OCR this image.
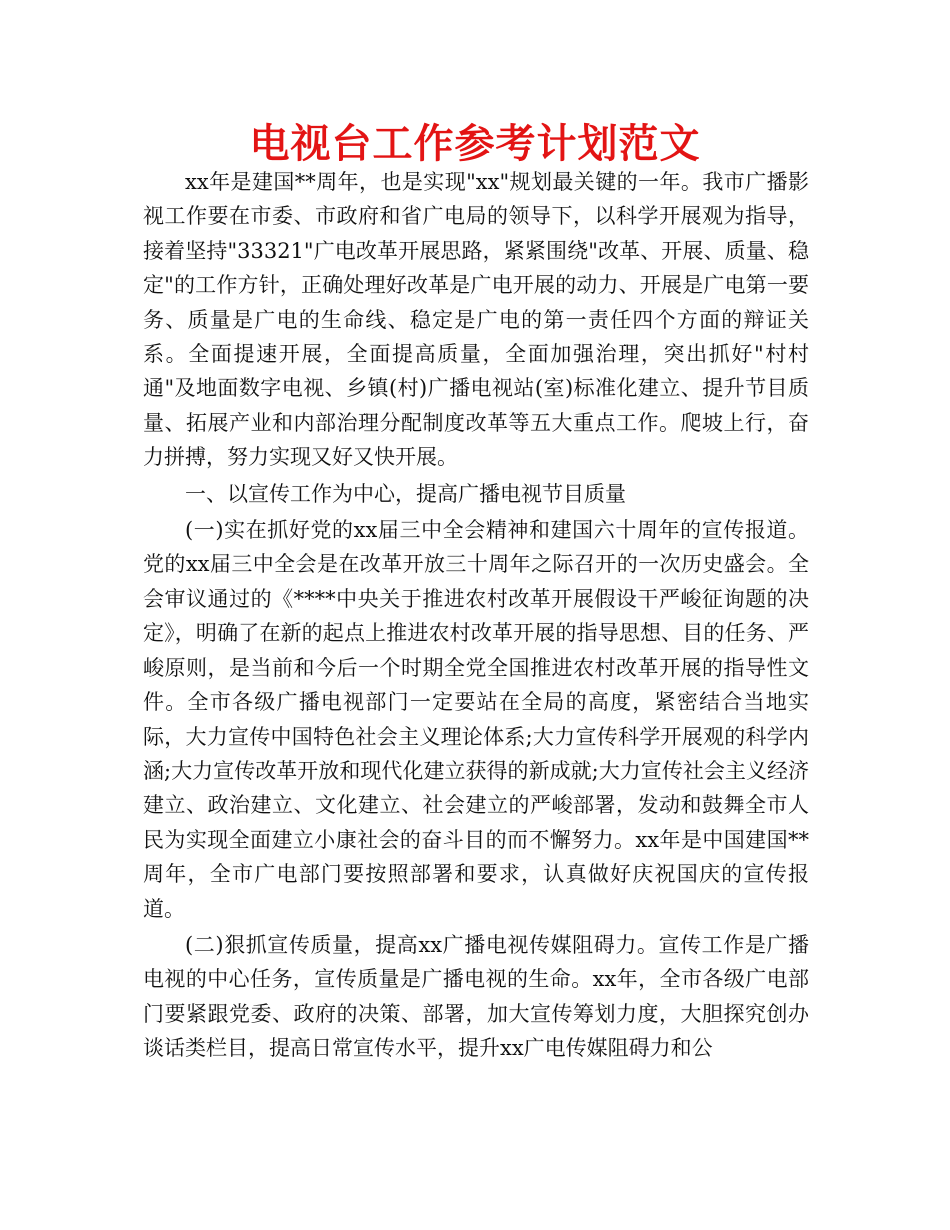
电视台工作参考计划范文

xx年是建国**周年，也是实现"xx"规划最关键的一年。我市广播影视工作要在市委、市政府和省广电局的领导下，以科学开展观为指导，接着坚持"33321"广电改革开展思路，紧紧围绕"改革、开展、质量、稳定"的工作方针，正确处理好改革是广电开展的动力、开展是广电第一要务、质量是广电的生命线、稳定是广电的第一责任四个方面的辩证关系。全面提速开展，全面提高质量，全面加强治理，突出抓好"村村通"及地面数字电视、乡镇(村)广播电视站(室)标准化建立、提升节目质量、拓展产业和内部治理分配制度改革等五大重点工作。爬坡上行，奋力拼搏，努力实现又好又快开展。

一、以宣传工作为中心，提高广播电视节目质量

(一)实在抓好党的xx届三中全会精神和建国六十周年的宣传报道。党的xx届三中全会是在改革开放三十周年之际召开的一次历史盛会。全会审议通过的《****中央关于推进农村改革开展假设干严峻征询题的决定》，明确了在新的起点上推进农村改革开展的指导思想、目的任务、严峻原则，是当前和今后一个时期全党全国推进农村改革开展的指导性文件。全市各级广播电视部门一定要站在全局的高度，紧密结合当地实际，大力宣传中国特色社会主义理论体系;大力宣传科学开展观的科学内涵;大力宣传改革开放和现代化建立获得的新成就;大力宣传社会主义经济建立、政治建立、文化建立、社会建立的严峻部署，发动和鼓舞全市人民为实现全面建立小康社会的奋斗目的而不懈努力。xx年是中国建国**周年，全市广电部门要按照部署和要求，认真做好庆祝国庆的宣传报道。

(二)狠抓宣传质量，提高xx广播电视传媒阻碍力。宣传工作是广播电视的中心任务，宣传质量是广播电视的生命。xx年，全市各级广电部门要紧跟党委、政府的决策、部署，加大宣传筹划力度，大胆探究创办谈话类栏目，提高日常宣传水平，提升xx广电传媒阻碍力和公
